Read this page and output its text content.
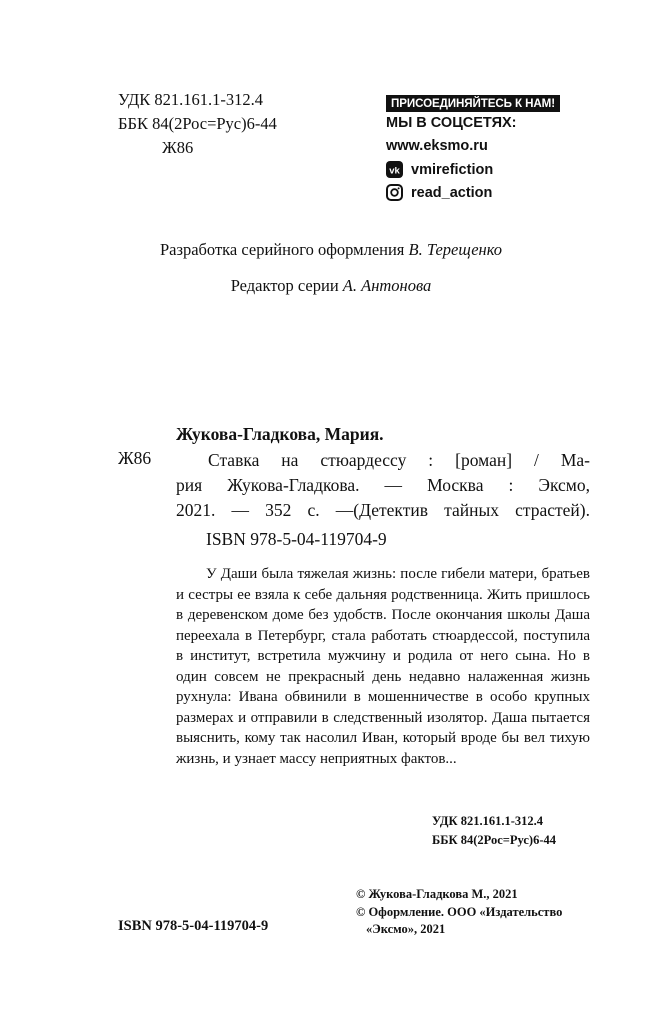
УДК 821.161.1-312.4
ББК 84(2Рос=Рус)6-44
Ж86
ПРИСОЕДИНЯЙТЕСЬ К НАМ!
МЫ В СОЦСЕТЯХ:
www.eksmo.ru
vk vmirefiction
read_action
Разработка серийного оформления В. Терещенко
Редактор серии А. Антонова
Жукова-Гладкова, Мария.
Ж86	Ставка на стюардессу : [роман] / Ма-
рия Жукова-Гладкова. — Москва : Эксмо,
2021. — 352 с. —(Детектив тайных страстей).
ISBN 978-5-04-119704-9

У Даши была тяжелая жизнь: после гибели матери, братьев и сестры ее взяла к себе дальняя родственница. Жить пришлось в деревенском доме без удобств. После окончания школы Даша переехала в Петербург, стала работать стюардессой, поступила в институт, встретила мужчину и родила от него сына. Но в один совсем не прекрасный день недавно налаженная жизнь рухнула: Ивана обвинили в мошенничестве в особо крупных размерах и отправили в следственный изолятор. Даша пытается выяснить, кому так насолил Иван, который вроде бы вел тихую жизнь, и узнает массу неприятных фактов...

УДК 821.161.1-312.4
ББК 84(2Рос=Рус)6-44
© Жукова-Гладкова М., 2021
© Оформление. ООО «Издательство
«Эксмо», 2021
ISBN 978-5-04-119704-9
